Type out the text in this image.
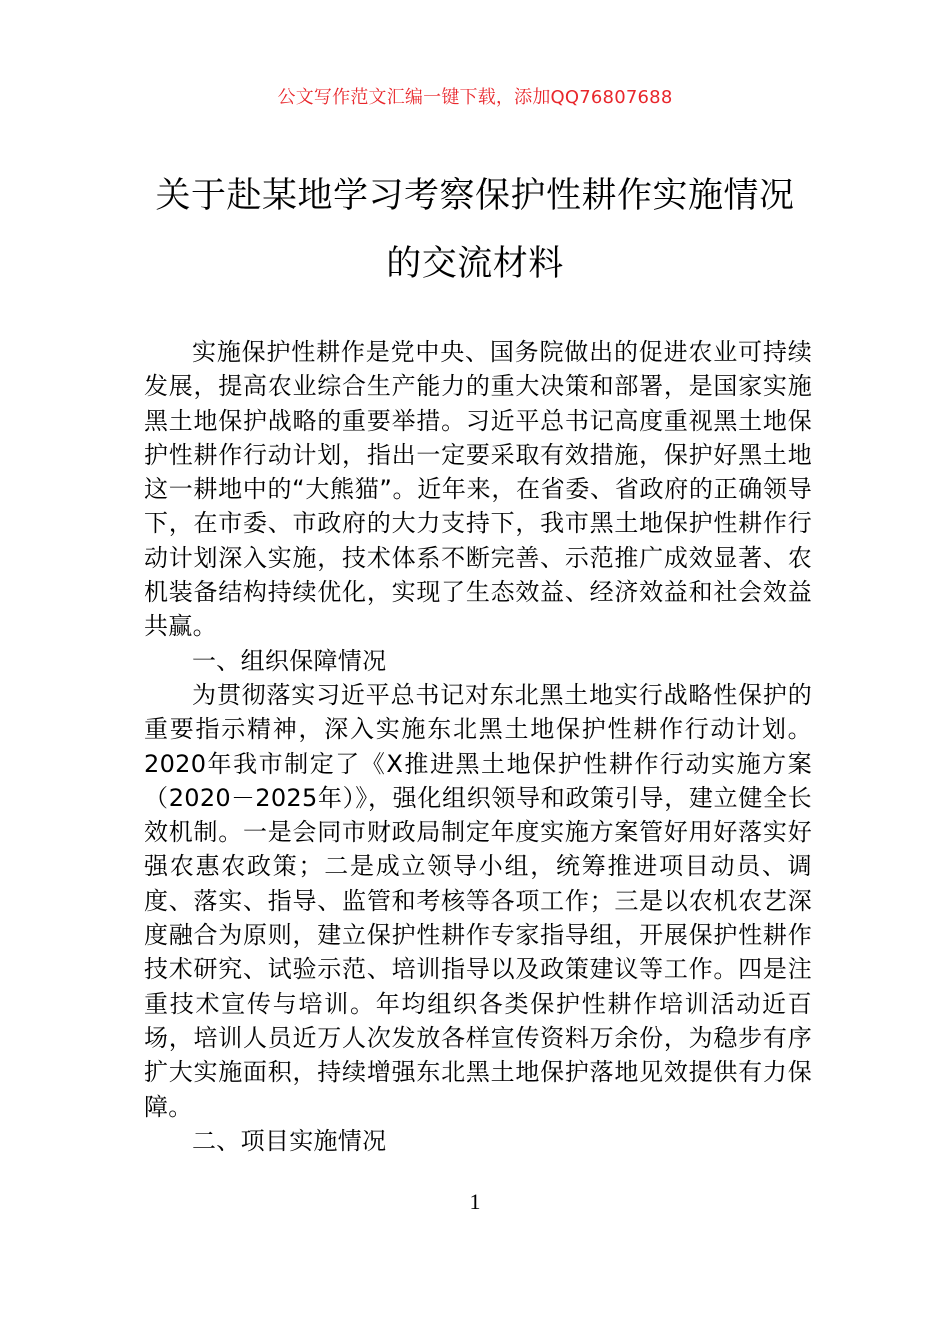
公文写作范文汇编一键下载，添加QQ76807688
关于赴某地学习考察保护性耕作实施情况
的交流材料

实施保护性耕作是党中央、国务院做出的促进农业可持续发展，提高农业综合生产能力的重大决策和部署，是国家实施黑土地保护战略的重要举措。习近平总书记高度重视黑土地保护性耕作行动计划，指出一定要采取有效措施，保护好黑土地这一耕地中的“大熊猫”。近年来，在省委、省政府的正确领导下，在市委、市政府的大力支持下，我市黑土地保护性耕作行动计划深入实施，技术体系不断完善、示范推广成效显著、农机装备结构持续优化，实现了生态效益、经济效益和社会效益共赢。

一、组织保障情况

为贯彻落实习近平总书记对东北黑土地实行战略性保护的重要指示精神，深入实施东北黑土地保护性耕作行动计划。2020年我市制定了《X推进黑土地保护性耕作行动实施方案（2020－2025年）》，强化组织领导和政策引导，建立健全长效机制。一是会同市财政局制定年度实施方案管好用好落实好强农惠农政策；二是成立领导小组，统筹推进项目动员、调度、落实、指导、监管和考核等各项工作；三是以农机农艺深度融合为原则，建立保护性耕作专家指导组，开展保护性耕作技术研究、试验示范、培训指导以及政策建议等工作。四是注重技术宣传与培训。年均组织各类保护性耕作培训活动近百场，培训人员近万人次发放各样宣传资料万余份，为稳步有序扩大实施面积，持续增强东北黑土地保护落地见效提供有力保障。

二、项目实施情况

1
